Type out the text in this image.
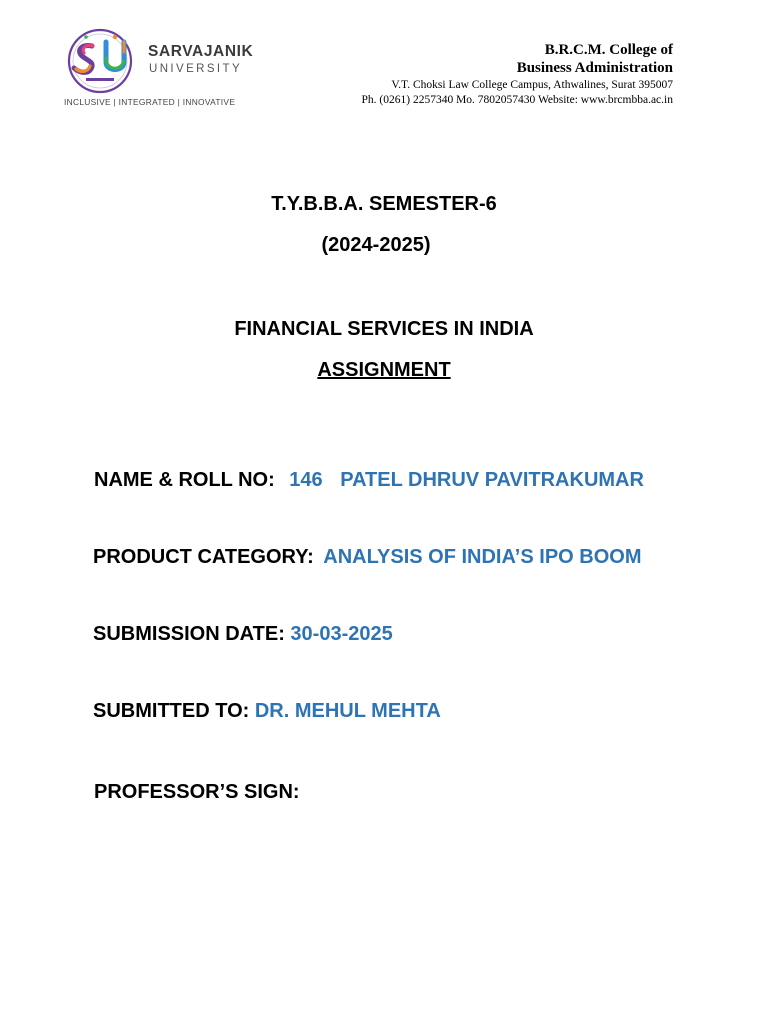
SARVAJANIK
UNIVERSITY
INCLUSIVE | INTEGRATED | INNOVATIVE
B.R.C.M. College of
Business Administration
V.T. Choksi Law College Campus, Athwalines, Surat 395007
Ph. (0261) 2257340 Mo. 7802057430 Website: www.brcmbba.ac.in
T.Y.B.B.A. SEMESTER-6
(2024-2025)
FINANCIAL SERVICES IN INDIA
ASSIGNMENT
NAME & ROLL NO: 146 PATEL DHRUV PAVITRAKUMAR
PRODUCT CATEGORY: ANALYSIS OF INDIA’S IPO BOOM
SUBMISSION DATE: 30-03-2025
SUBMITTED TO: DR. MEHUL MEHTA
PROFESSOR’S SIGN:
